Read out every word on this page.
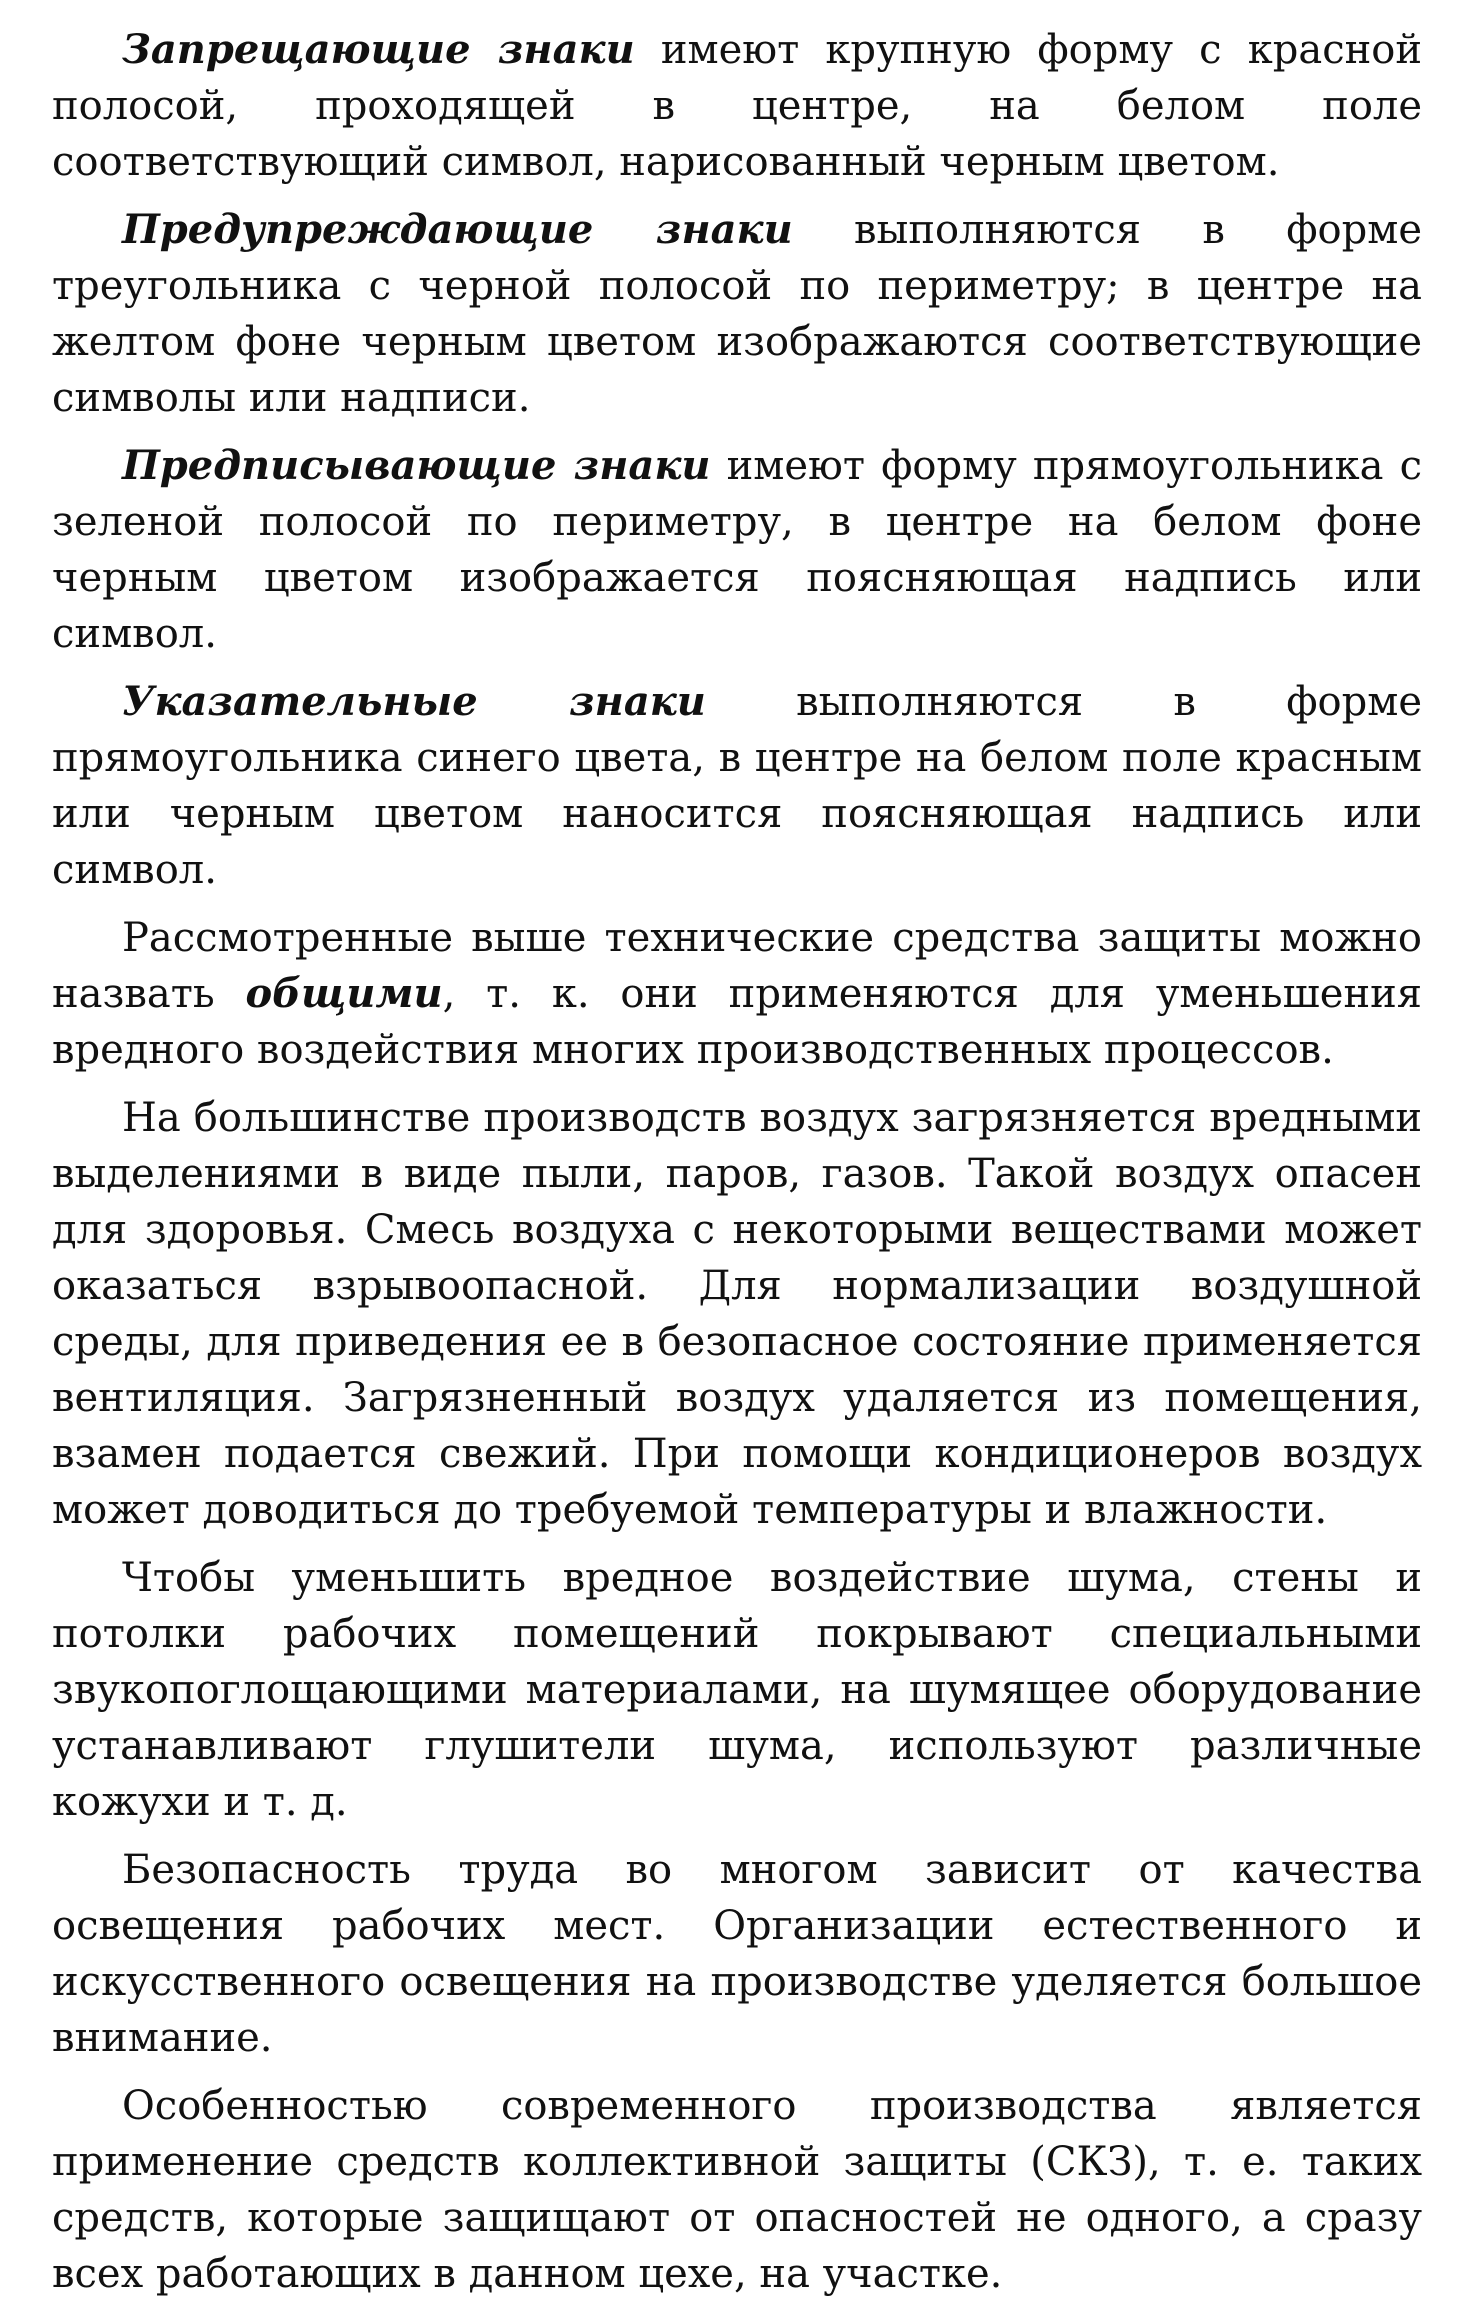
Запрещающие знаки имеют крупную форму с красной полосой, проходящей в центре, на белом поле соответствующий символ, нарисованный черным цветом.

Предупреждающие знаки выполняются в форме треугольника с черной полосой по периметру; в центре на желтом фоне черным цветом изображаются соответствующие символы или надписи.

Предписывающие знаки имеют форму прямоугольника с зеленой полосой по периметру, в центре на белом фоне черным цветом изображается поясняющая надпись или символ.

Указательные знаки выполняются в форме прямоугольника синего цвета, в центре на белом поле красным или черным цветом наносится поясняющая надпись или символ.

Рассмотренные выше технические средства защиты можно назвать общими, т. к. они применяются для уменьшения вредного воздействия многих производственных процессов.

На большинстве производств воздух загрязняется вредными выделениями в виде пыли, паров, газов. Такой воздух опасен для здоровья. Смесь воздуха с некоторыми веществами может оказаться взрывоопасной. Для нормализации воздушной среды, для приведения ее в безопасное состояние применяется вентиляция. Загрязненный воздух удаляется из помещения, взамен подается свежий. При помощи кондиционеров воздух может доводиться до требуемой температуры и влажности.

Чтобы уменьшить вредное воздействие шума, стены и потолки рабочих помещений покрывают специальными звукопоглощающими материалами, на шумящее оборудование устанавливают глушители шума, используют различные кожухи и т. д.

Безопасность труда во многом зависит от качества освещения рабочих мест. Организации естественного и искусственного освещения на производстве уделяется большое внимание.

Особенностью современного производства является применение средств коллективной защиты (СКЗ), т. е. таких средств, которые защищают от опасностей не одного, а сразу всех работающих в данном цехе, на участке.
